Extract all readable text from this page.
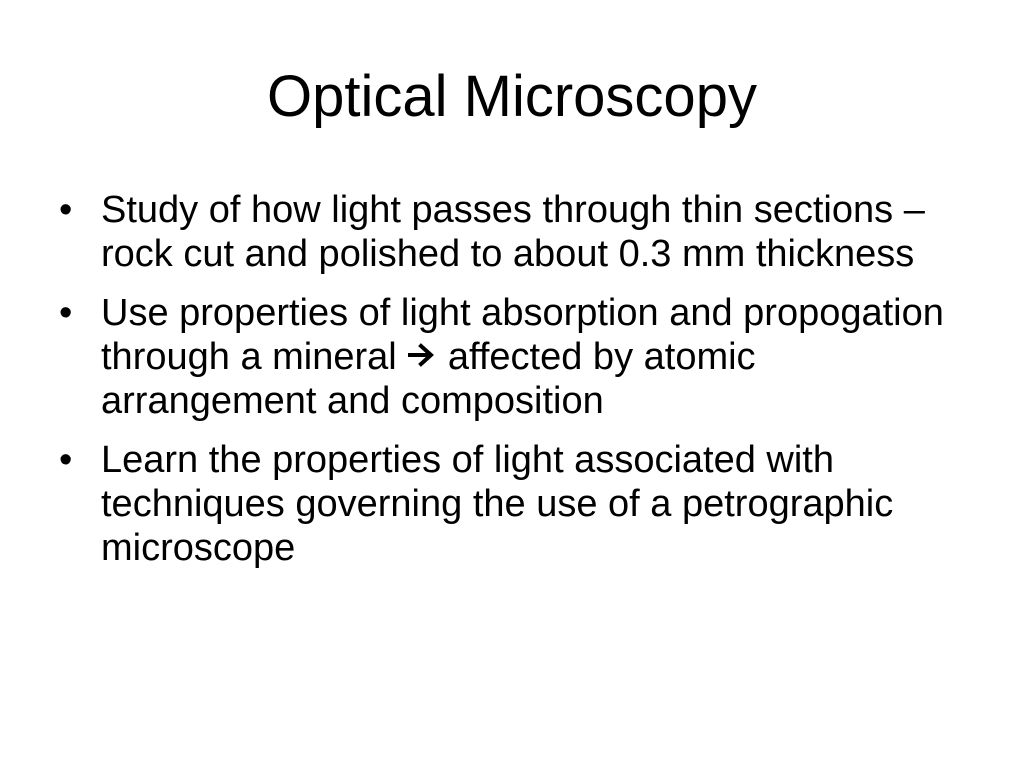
Optical Microscopy
• Study of how light passes through thin sections – rock cut and polished to about 0.3 mm thickness
• Use properties of light absorption and propogation through a mineral  affected by atomic arrangement and composition
• Learn the properties of light associated with techniques governing the use of a petrographic microscope
